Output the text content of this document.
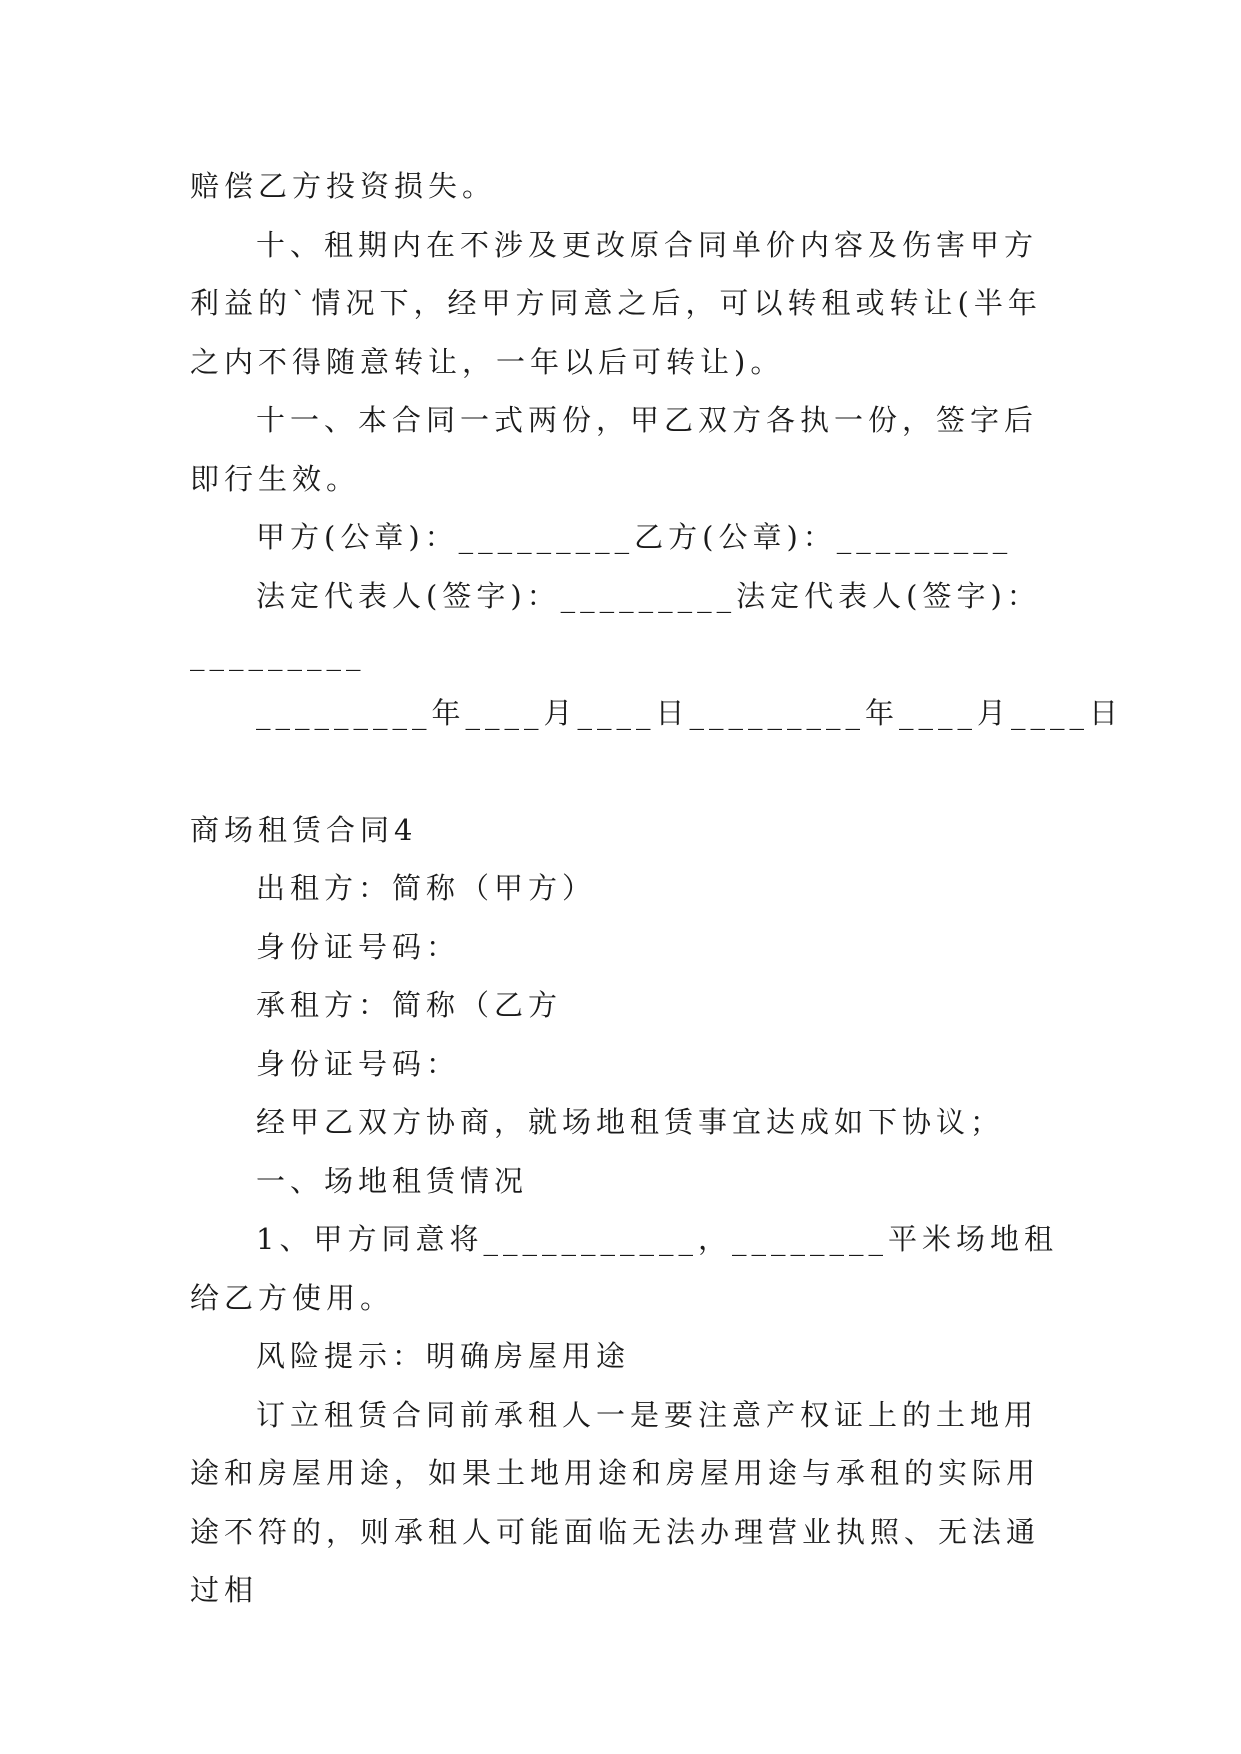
赔偿乙方投资损失。

十、租期内在不涉及更改原合同单价内容及伤害甲方利益的`情况下，经甲方同意之后，可以转租或转让(半年之内不得随意转让，一年以后可转让)。

十一、本合同一式两份，甲乙双方各执一份，签字后即行生效。

甲方(公章)：_________乙方(公章)：_________

法定代表人(签字)：_________法定代表人(签字)：_________

_________年____月____日_________年____月____日

商场租赁合同4

出租方：简称（甲方）

身份证号码：

承租方：简称（乙方

身份证号码：

经甲乙双方协商，就场地租赁事宜达成如下协议；

一、场地租赁情况

1、甲方同意将___________，________平米场地租给乙方使用。

风险提示：明确房屋用途

订立租赁合同前承租人一是要注意产权证上的土地用途和房屋用途，如果土地用途和房屋用途与承租的实际用途不符的，则承租人可能面临无法办理营业执照、无法通过相
